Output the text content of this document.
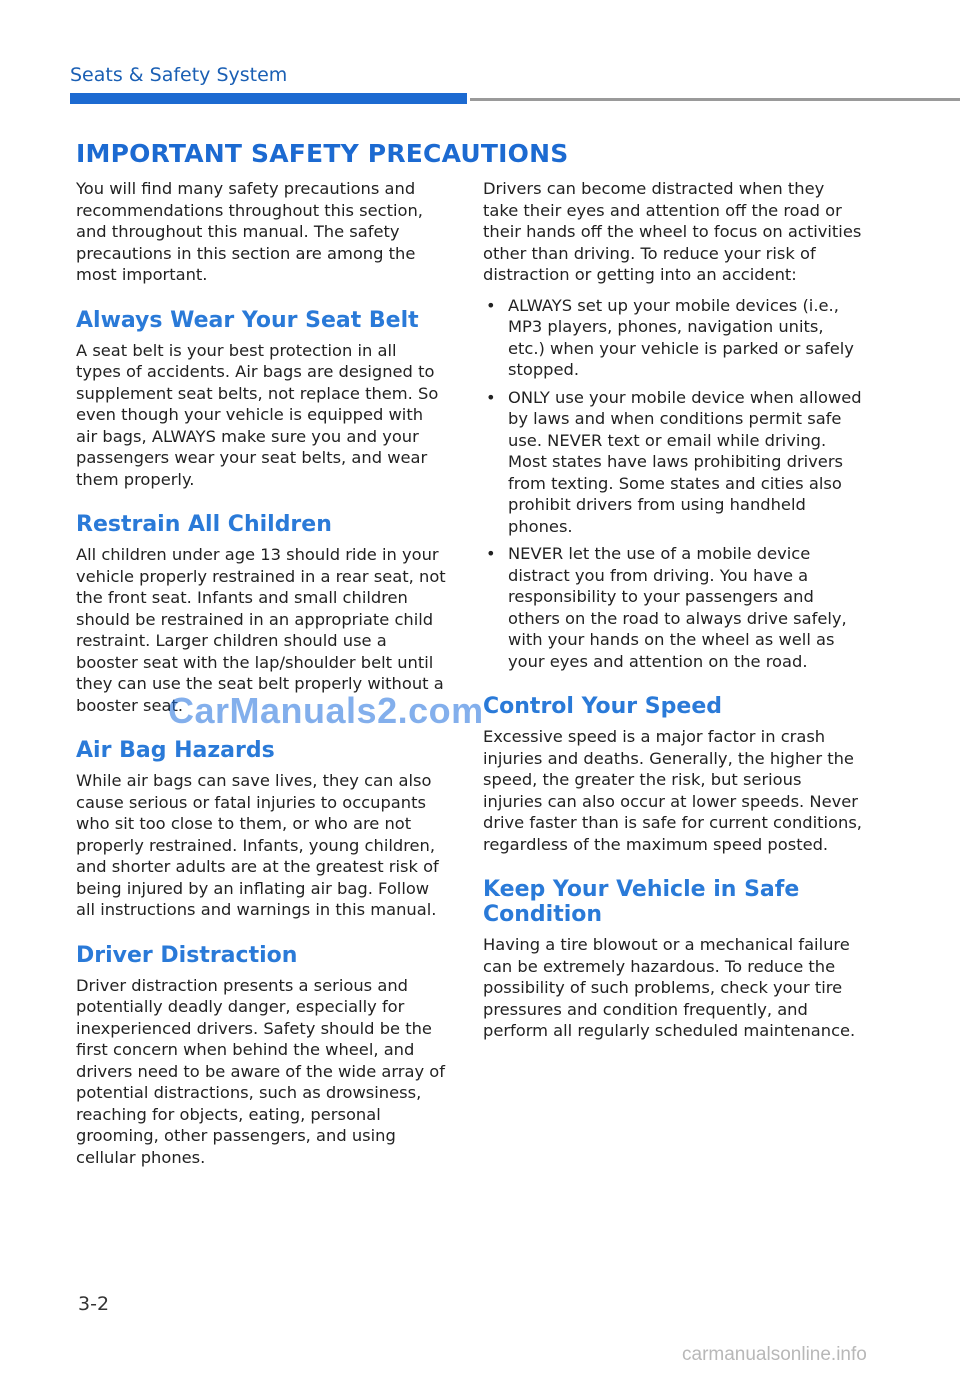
Seats & Safety System
IMPORTANT SAFETY PRECAUTIONS

You will find many safety precautions and recommendations throughout this section, and throughout this manual. The safety precautions in this section are among the most important.

Always Wear Your Seat Belt

A seat belt is your best protection in all types of accidents. Air bags are designed to supplement seat belts, not replace them. So even though your vehicle is equipped with air bags, ALWAYS make sure you and your passengers wear your seat belts, and wear them properly.

Restrain All Children

All children under age 13 should ride in your vehicle properly restrained in a rear seat, not the front seat. Infants and small children should be restrained in an appropriate child restraint. Larger children should use a booster seat with the lap/shoulder belt until they can use the seat belt properly without a booster seat.

Air Bag Hazards

While air bags can save lives, they can also cause serious or fatal injuries to occupants who sit too close to them, or who are not properly restrained. Infants, young children, and shorter adults are at the greatest risk of being injured by an inflating air bag. Follow all instructions and warnings in this manual.

Driver Distraction

Driver distraction presents a serious and potentially deadly danger, especially for inexperienced drivers. Safety should be the first concern when behind the wheel, and drivers need to be aware of the wide array of potential distractions, such as drowsiness, reaching for objects, eating, personal grooming, other passengers, and using cellular phones.

Drivers can become distracted when they take their eyes and attention off the road or their hands off the wheel to focus on activities other than driving. To reduce your risk of distraction or getting into an accident:

• ALWAYS set up your mobile devices (i.e., MP3 players, phones, navigation units, etc.) when your vehicle is parked or safely stopped.
• ONLY use your mobile device when allowed by laws and when conditions permit safe use. NEVER text or email while driving. Most states have laws prohibiting drivers from texting. Some states and cities also prohibit drivers from using handheld phones.
• NEVER let the use of a mobile device distract you from driving. You have a responsibility to your passengers and others on the road to always drive safely, with your hands on the wheel as well as your eyes and attention on the road.
Control Your Speed

Excessive speed is a major factor in crash injuries and deaths. Generally, the higher the speed, the greater the risk, but serious injuries can also occur at lower speeds. Never drive faster than is safe for current conditions, regardless of the maximum speed posted.

Keep Your Vehicle in Safe Condition

Having a tire blowout or a mechanical failure can be extremely hazardous. To reduce the possibility of such problems, check your tire pressures and condition frequently, and perform all regularly scheduled maintenance.

CarManuals2.com
3-2
carmanualsonline.info
